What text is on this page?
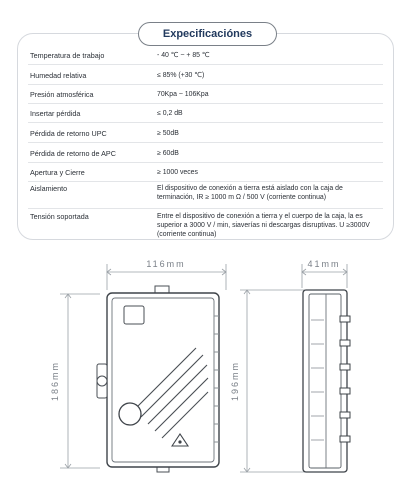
Expecificaciónes
Temperatura de trabajo	- 40 ℃ ~ + 85 ℃
Humedad relativa	≤ 85% (+30 ℃)
Presión atmosférica	70Kpa ~ 106Kpa
Insertar pérdida	≤ 0,2 dB
Pérdida de retorno UPC	≥ 50dB
Pérdida de retorno de APC	≥ 60dB
Apertura y Cierre	≥ 1000 veces
Aislamiento	El dispositivo de conexión a tierra está aislado con la caja de terminación, IR ≥ 1000 m Ω / 500 V (corriente continua)
Tensión soportada	Entre el dispositivo de conexión a tierra y el cuerpo de la caja, la es superior a 3000 V / min, siaverías ni descargas disruptivas. U ≥3000V (corriente continua)
116mm	41mm
186mm	196mm
